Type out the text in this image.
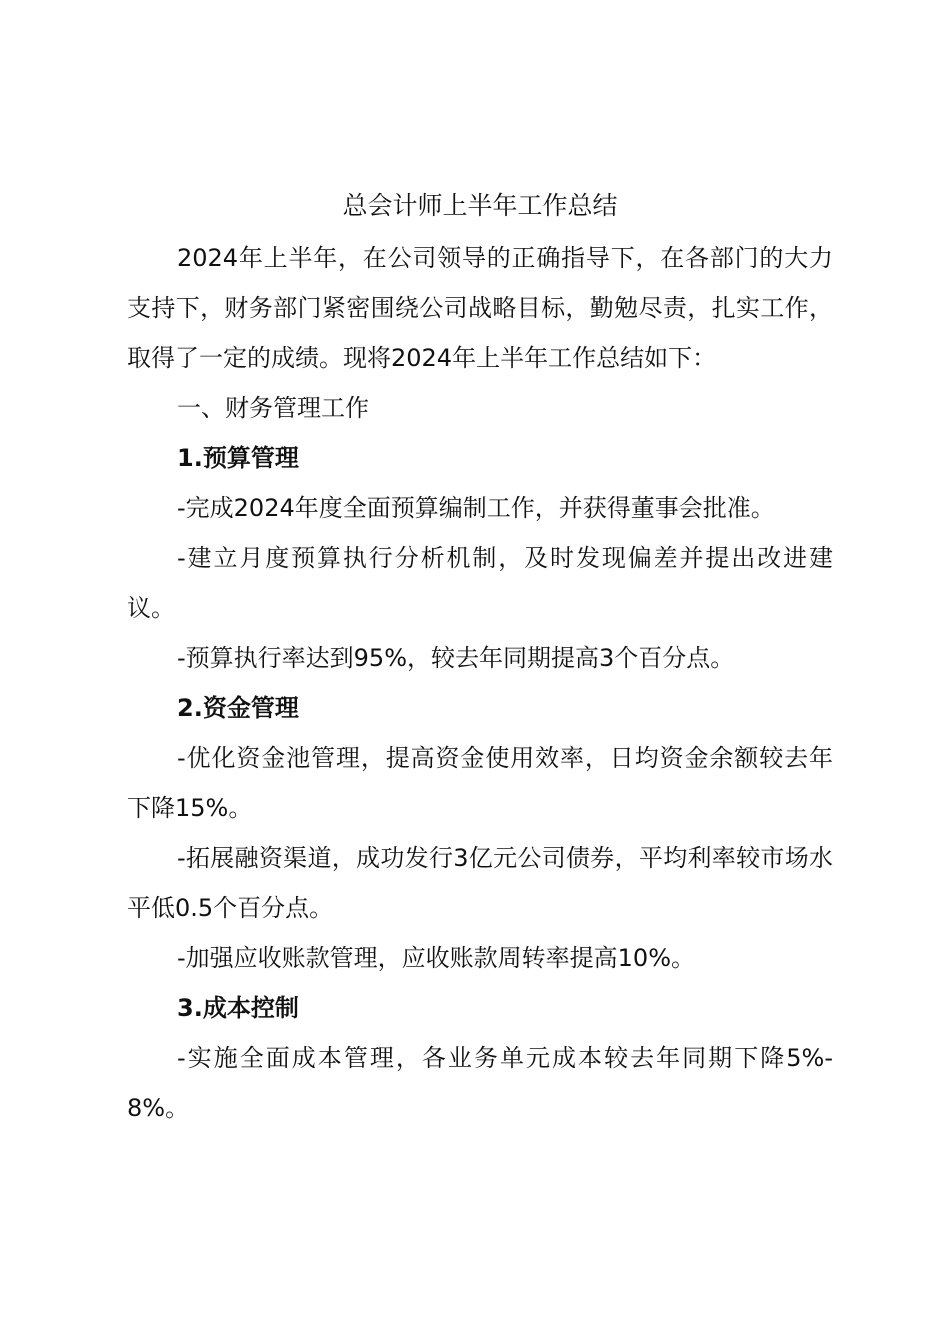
总会计师上半年工作总结

2024年上半年，在公司领导的正确指导下，在各部门的大力支持下，财务部门紧密围绕公司战略目标，勤勉尽责，扎实工作，取得了一定的成绩。现将2024年上半年工作总结如下：

一、财务管理工作

1.预算管理

-完成2024年度全面预算编制工作，并获得董事会批准。

-建立月度预算执行分析机制，及时发现偏差并提出改进建议。

-预算执行率达到95%，较去年同期提高3个百分点。

2.资金管理

-优化资金池管理，提高资金使用效率，日均资金余额较去年下降15%。

-拓展融资渠道，成功发行3亿元公司债券，平均利率较市场水平低0.5个百分点。

-加强应收账款管理，应收账款周转率提高10%。

3.成本控制

-实施全面成本管理，各业务单元成本较去年同期下降5%-8%。
